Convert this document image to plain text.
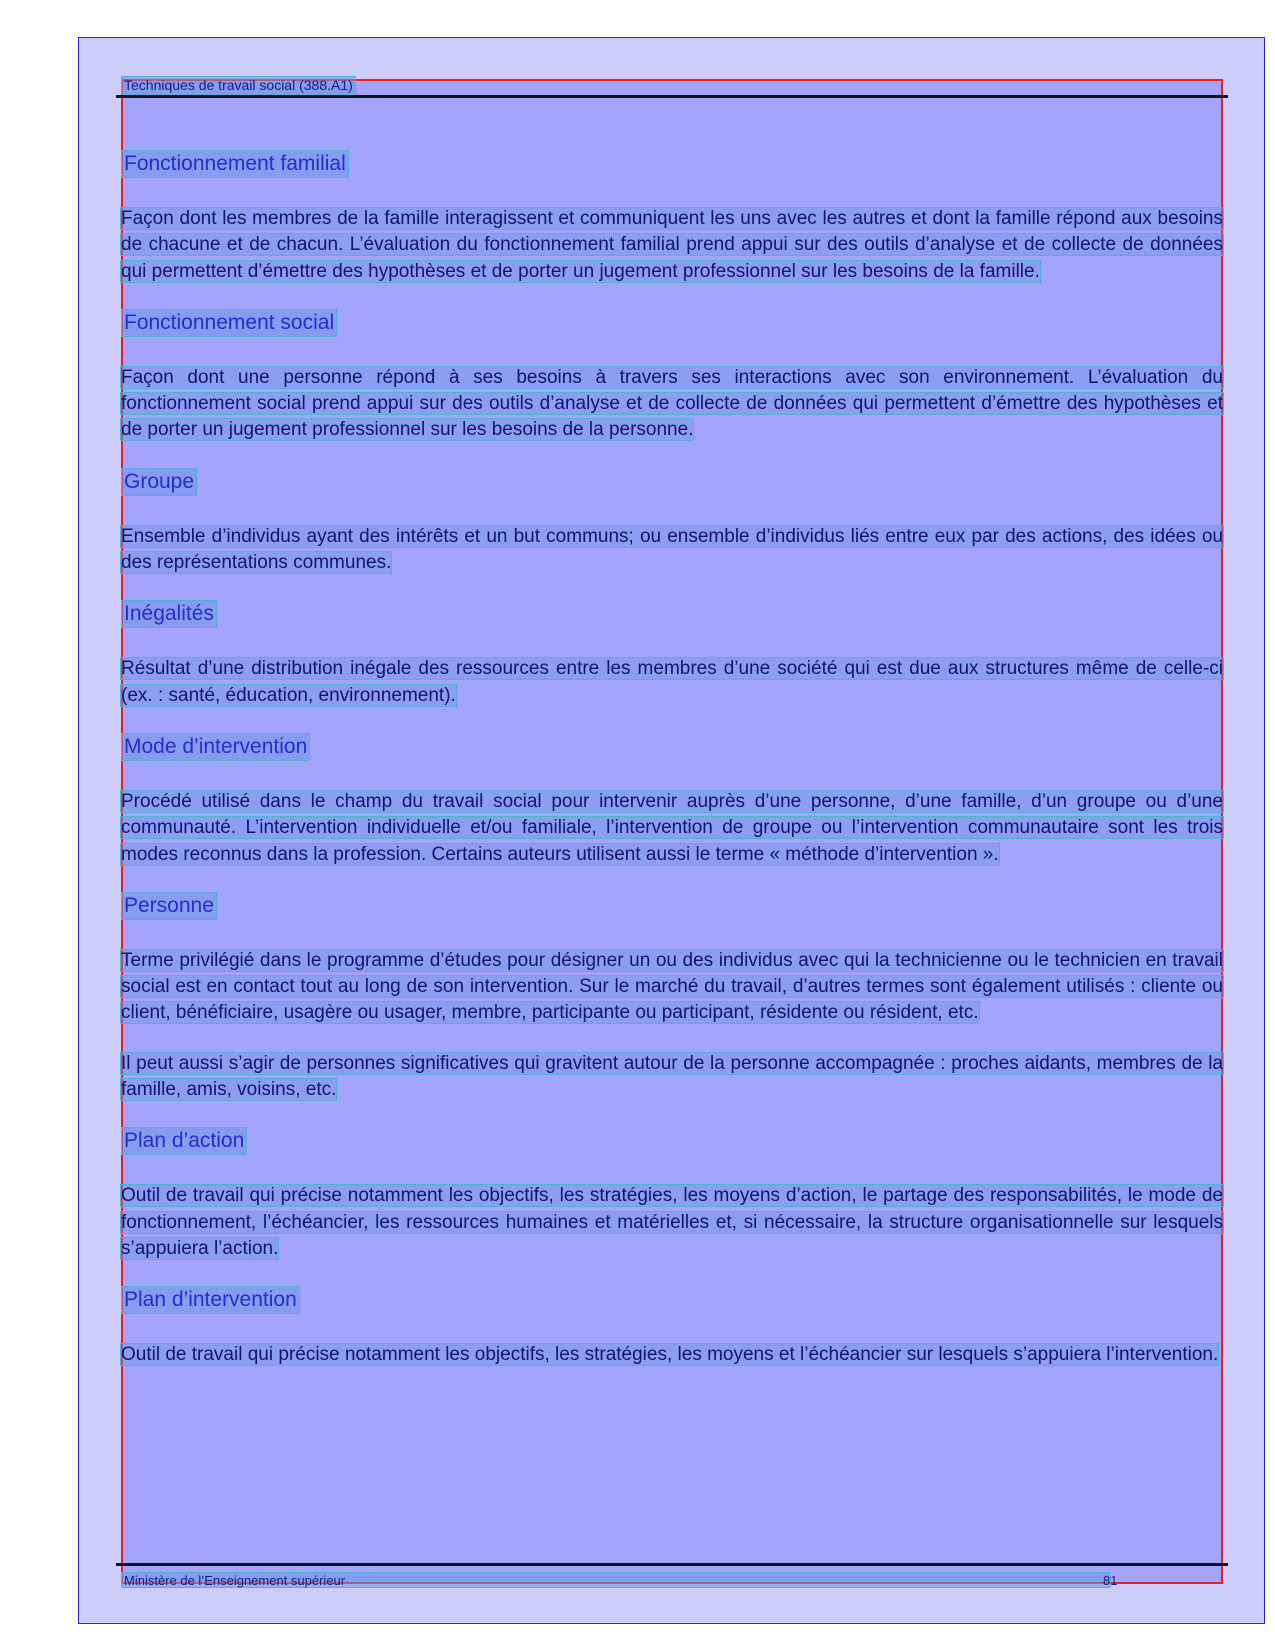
Techniques de travail social (388.A1)
Fonctionnement familial

Façon dont les membres de la famille interagissent et communiquent les uns avec les autres et dont la famille répond aux besoins de chacune et de chacun. L’évaluation du fonctionnement familial prend appui sur des outils d’analyse et de collecte de données qui permettent d’émettre des hypothèses et de porter un jugement professionnel sur les besoins de la famille.

Fonctionnement social

Façon dont une personne répond à ses besoins à travers ses interactions avec son environnement. L’évaluation du fonctionnement social prend appui sur des outils d’analyse et de collecte de données qui permettent d’émettre des hypothèses et de porter un jugement professionnel sur les besoins de la personne.

Groupe

Ensemble d’individus ayant des intérêts et un but communs; ou ensemble d’individus liés entre eux par des actions, des idées ou des représentations communes.

Inégalités

Résultat d’une distribution inégale des ressources entre les membres d’une société qui est due aux structures même de celle-ci (ex. : santé, éducation, environnement).

Mode d’intervention

Procédé utilisé dans le champ du travail social pour intervenir auprès d’une personne, d’une famille, d’un groupe ou d’une communauté. L’intervention individuelle et/ou familiale, l’intervention de groupe ou l’intervention communautaire sont les trois modes reconnus dans la profession. Certains auteurs utilisent aussi le terme « méthode d’intervention ».

Personne

Terme privilégié dans le programme d’études pour désigner un ou des individus avec qui la technicienne ou le technicien en travail social est en contact tout au long de son intervention. Sur le marché du travail, d’autres termes sont également utilisés : cliente ou client, bénéficiaire, usagère ou usager, membre, participante ou participant, résidente ou résident, etc.

Il peut aussi s’agir de personnes significatives qui gravitent autour de la personne accompagnée : proches aidants, membres de la famille, amis, voisins, etc.

Plan d’action

Outil de travail qui précise notamment les objectifs, les stratégies, les moyens d’action, le partage des responsabilités, le mode de fonctionnement, l’échéancier, les ressources humaines et matérielles et, si nécessaire, la structure organisationnelle sur lesquels s’appuiera l’action.

Plan d’intervention

Outil de travail qui précise notamment les objectifs, les stratégies, les moyens et l’échéancier sur lesquels s’appuiera l’intervention.

Ministère de l’Enseignement supérieur	81
